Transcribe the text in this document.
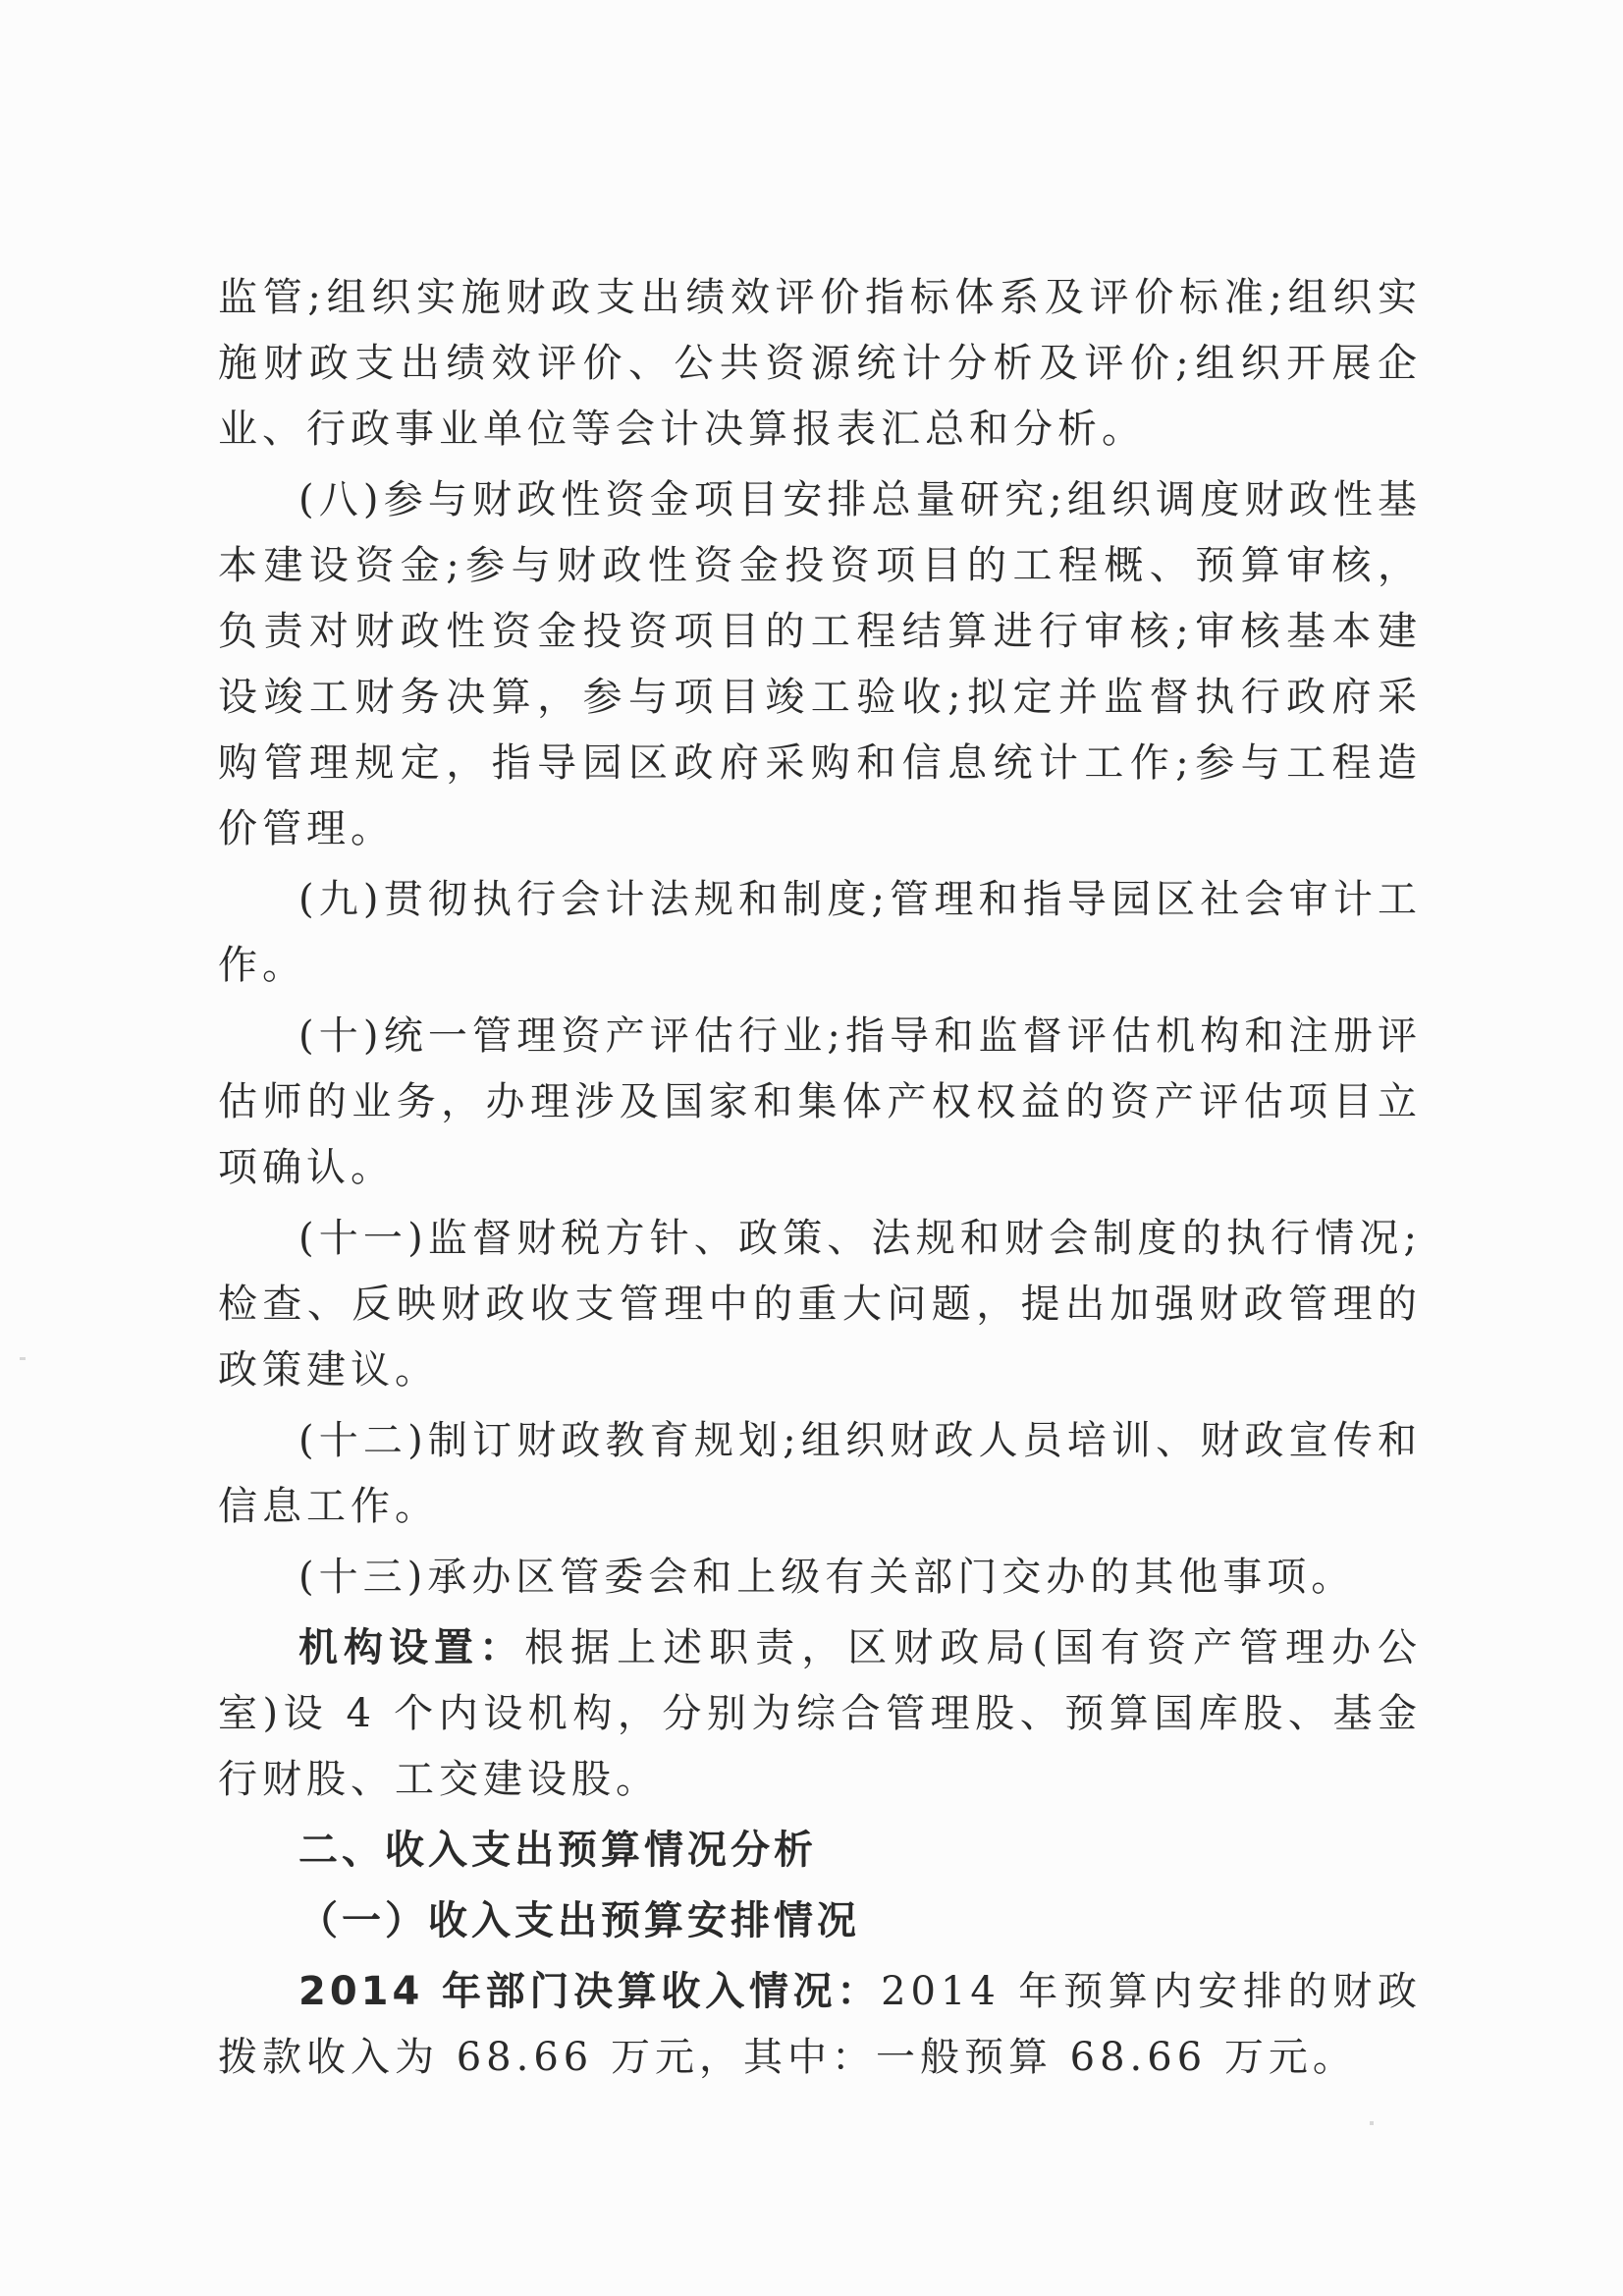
监管;组织实施财政支出绩效评价指标体系及评价标准;组织实施财政支出绩效评价、公共资源统计分析及评价;组织开展企业、行政事业单位等会计决算报表汇总和分析。

(八)参与财政性资金项目安排总量研究;组织调度财政性基本建设资金;参与财政性资金投资项目的工程概、预算审核，负责对财政性资金投资项目的工程结算进行审核;审核基本建设竣工财务决算，参与项目竣工验收;拟定并监督执行政府采购管理规定，指导园区政府采购和信息统计工作;参与工程造价管理。

(九)贯彻执行会计法规和制度;管理和指导园区社会审计工作。

(十)统一管理资产评估行业;指导和监督评估机构和注册评估师的业务，办理涉及国家和集体产权权益的资产评估项目立项确认。

(十一)监督财税方针、政策、法规和财会制度的执行情况;检查、反映财政收支管理中的重大问题，提出加强财政管理的政策建议。

(十二)制订财政教育规划;组织财政人员培训、财政宣传和信息工作。

(十三)承办区管委会和上级有关部门交办的其他事项。

机构设置：根据上述职责，区财政局(国有资产管理办公室)设 4 个内设机构，分别为综合管理股、预算国库股、基金行财股、工交建设股。

二、收入支出预算情况分析
（一）收入支出预算安排情况

2014 年部门决算收入情况：2014 年预算内安排的财政拨款收入为 68.66 万元，其中：一般预算 68.66 万元。
